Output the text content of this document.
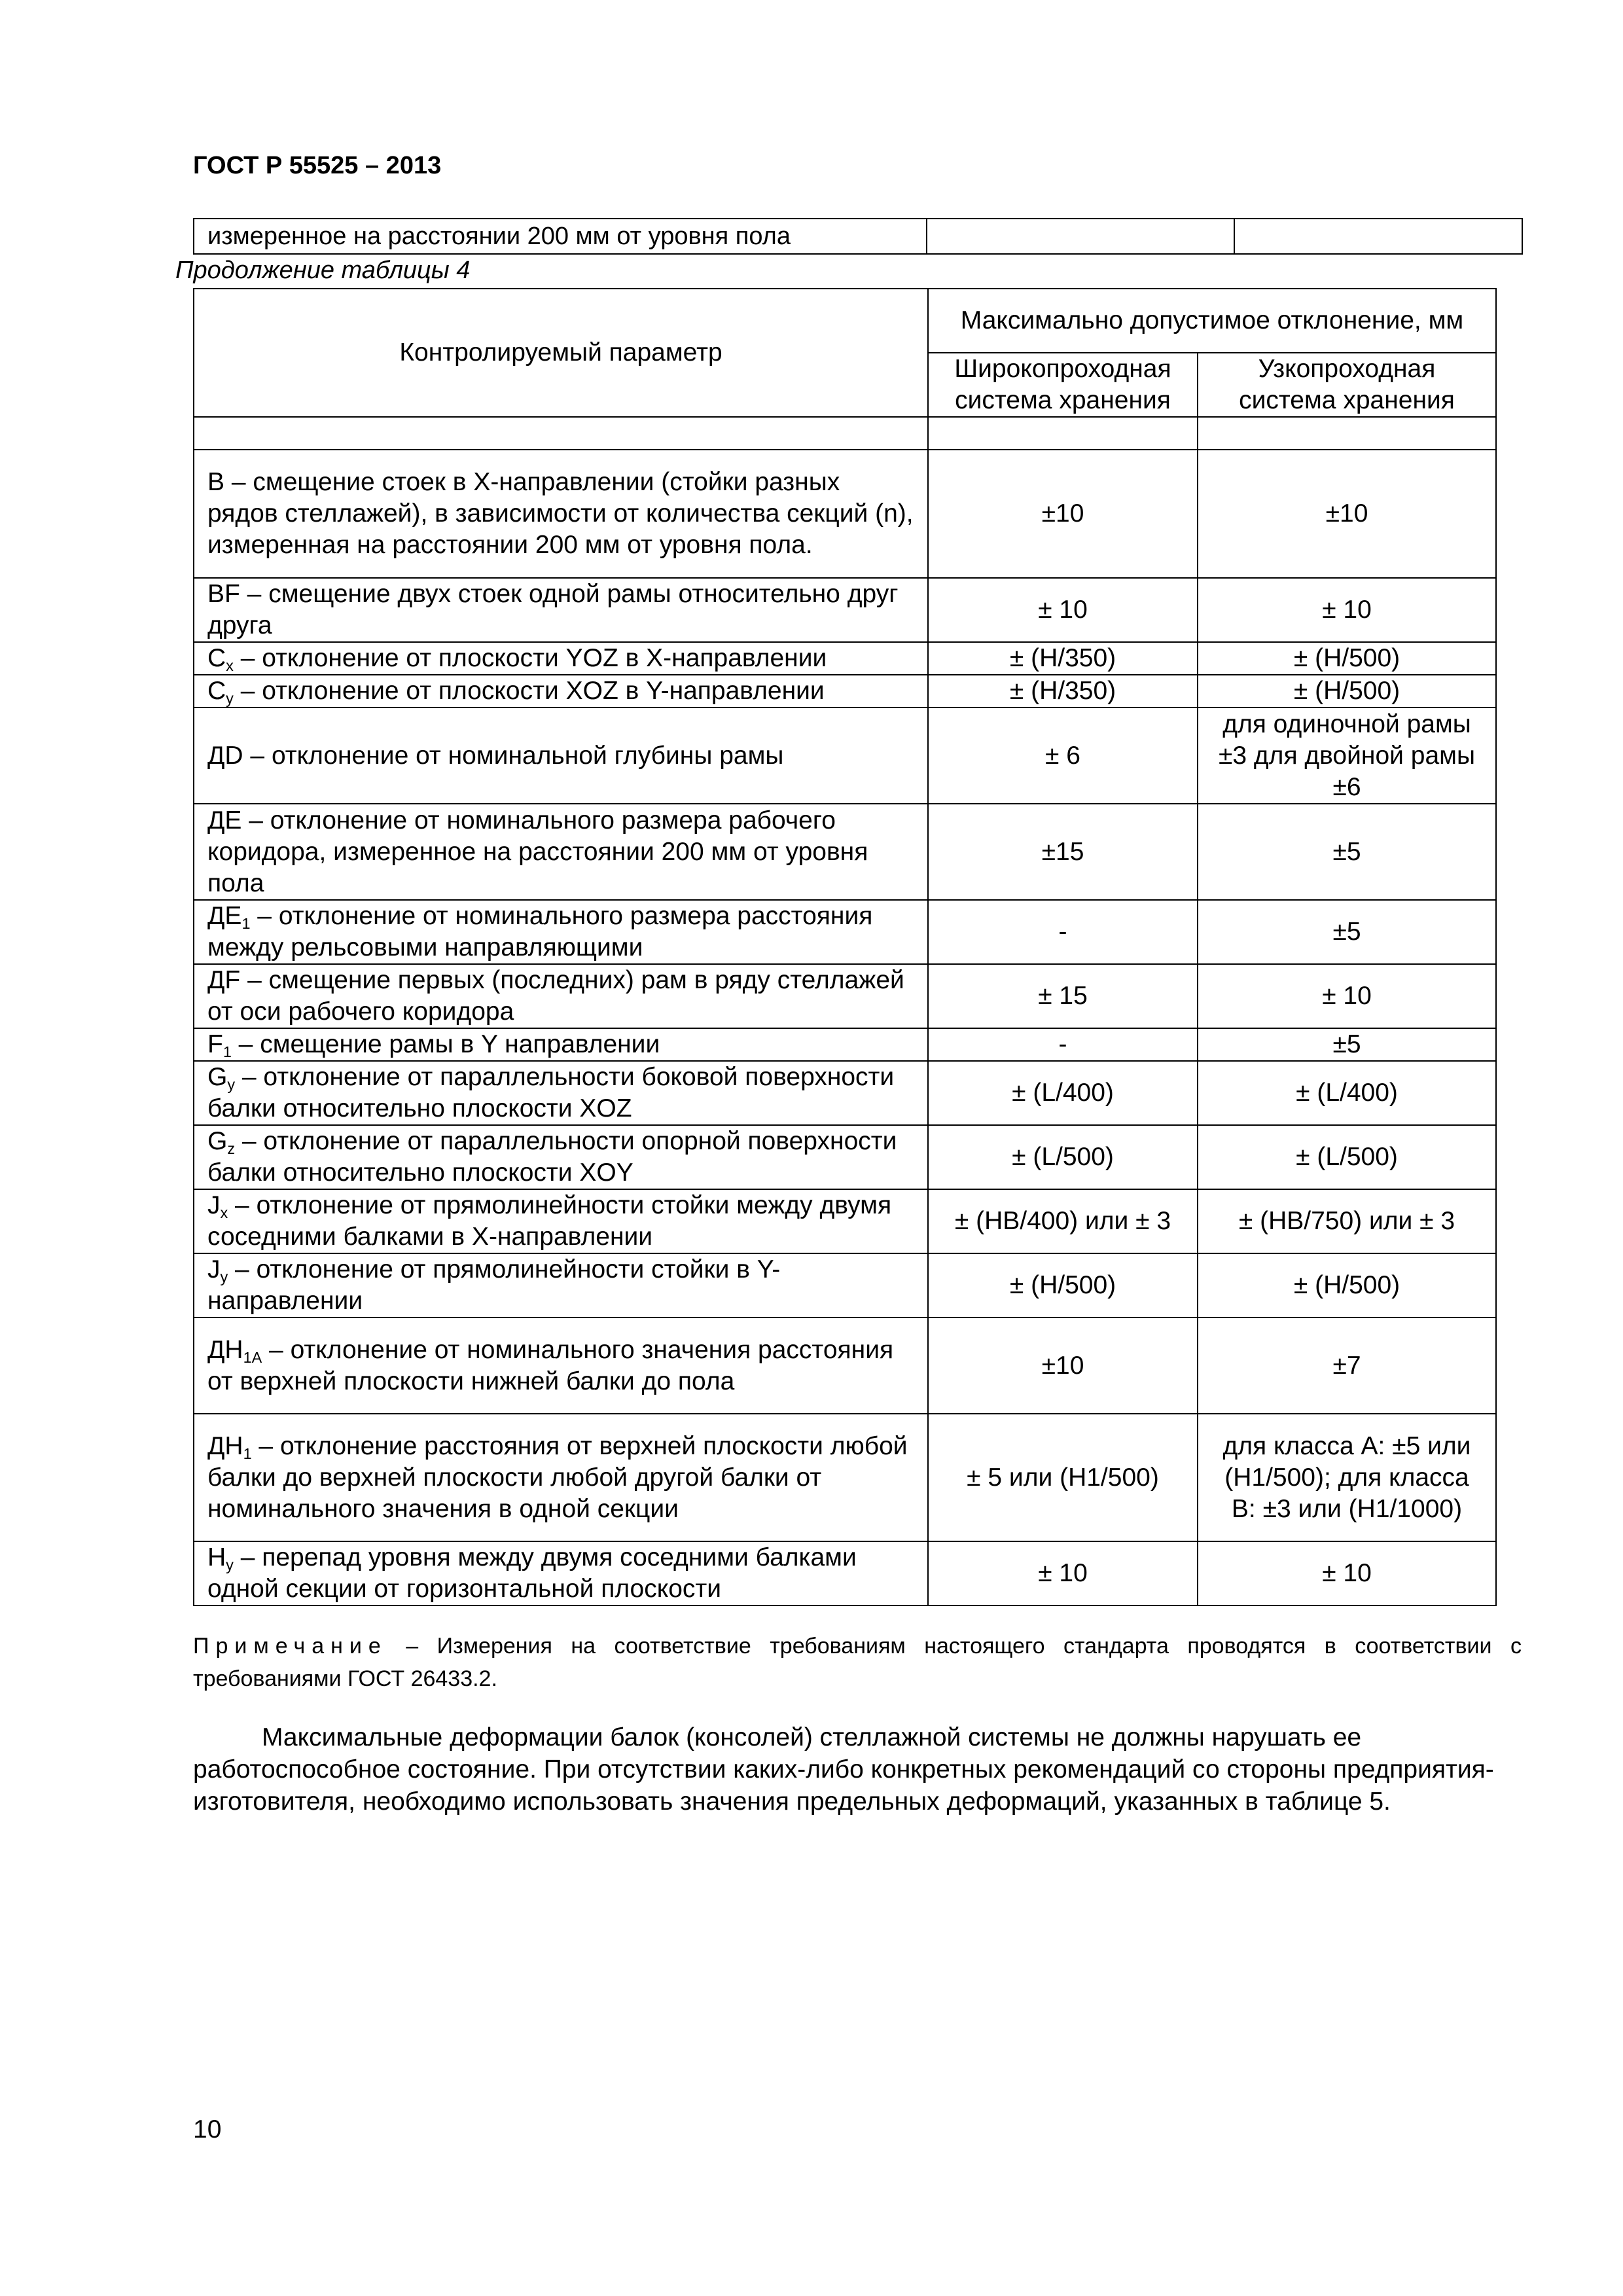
ГОСТ Р 55525 – 2013
измеренное на расстоянии 200 мм от уровня пола		
Продолжение таблицы 4
Контролируемый параметр	Максимально допустимое отклонение, мм	
	Широкопроходная система хранения	Узкопроходная система хранения

В – смещение стоек в Х-направлении (стойки разных рядов стеллажей), в зависимости от количества секций (n), измеренная на расстоянии 200 мм от уровня пола.	±10	±10
BF – смещение двух стоек одной рамы относительно друг друга	± 10	± 10
$C_x$ – отклонение от плоскости YOZ в Х-направлении	± (H/350)	± (H/500)
$C_y$ – отклонение от плоскости XOZ в Y-направлении	± (H/350)	± (H/500)
ДD – отклонение от номинальной глубины рамы	± 6	для одиночной рамы ±3 для двойной рамы ±6
ДЕ – отклонение от номинального размера рабочего коридора, измеренное на расстоянии 200 мм от уровня пола	±15	±5
$ДЕ_1$ – отклонение от номинального размера расстояния между рельсовыми направляющими	-	±5
ДF – смещение первых (последних) рам в ряду стеллажей от оси рабочего коридора	± 15	± 10
$F_1$ – смещение рамы в Y направлении	-	±5
$G_y$ – отклонение от параллельности боковой поверхности балки относительно плоскости XOZ	± (L/400)	± (L/400)
$G_z$ – отклонение от параллельности опорной поверхности балки относительно плоскости XOY	± (L/500)	± (L/500)
$J_x$ – отклонение от прямолинейности стойки между двумя соседними балками в Х-направлении	± (HB/400) или ± 3	± (HB/750) или ± 3
$J_y$ – отклонение от прямолинейности стойки в Y-направлении	± (H/500)	± (H/500)
$ДН_{1А}$ – отклонение от номинального значения расстояния от верхней плоскости нижней балки до пола	±10	±7
$ДН_1$ – отклонение расстояния от верхней плоскости любой балки до верхней плоскости любой другой балки от номинального значения в одной секции	± 5 или (H1/500)	для класса А: ±5 или (H1/500); для класса В: ±3 или (H1/1000)
$H_y$ – перепад уровня между двумя соседними балками одной секции от горизонтальной плоскости	± 10	± 10
Примечание – Измерения на соответствие требованиям настоящего стандарта проводятся в соответствии с требованиями ГОСТ 26433.2.
Максимальные деформации балок (консолей) стеллажной системы не должны нарушать ее работоспособное состояние. При отсутствии каких-либо конкретных рекомендаций со стороны предприятия-изготовителя, необходимо использовать значения предельных деформаций, указанных в таблице 5.
10
